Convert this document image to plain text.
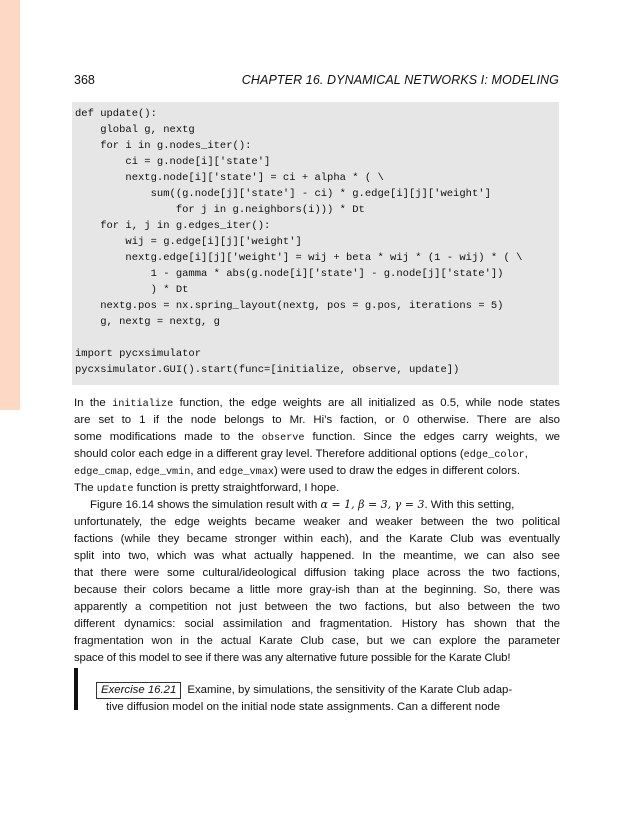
368	CHAPTER 16. DYNAMICAL NETWORKS I: MODELING
def update():
global g, nextg
for i in g.nodes_iter():
ci = g.node[i]['state']
nextg.node[i]['state'] = ci + alpha * ( \
sum((g.node[j]['state'] - ci) * g.edge[i][j]['weight']
for j in g.neighbors(i))) * Dt
for i, j in g.edges_iter():
wij = g.edge[i][j]['weight']
nextg.edge[i][j]['weight'] = wij + beta * wij * (1 - wij) * ( \
1 - gamma * abs(g.node[i]['state'] - g.node[j]['state'])
) * Dt
nextg.pos = nx.spring_layout(nextg, pos = g.pos, iterations = 5)
g, nextg = nextg, g
import pycxsimulator
pycxsimulator.GUI().start(func=[initialize, observe, update])
In the initialize function, the edge weights are all initialized as 0.5, while node states
are set to 1 if the node belongs to Mr. Hi’s faction, or 0 otherwise. There are also
some modifications made to the observe function. Since the edges carry weights, we
should color each edge in a different gray level. Therefore additional options (edge_color,
edge_cmap, edge_vmin, and edge_vmax) were used to draw the edges in different colors.
The update function is pretty straightforward, I hope.
Figure 16.14 shows the simulation result with α = 1, β = 3, γ = 3. With this setting,
unfortunately, the edge weights became weaker and weaker between the two political
factions (while they became stronger within each), and the Karate Club was eventually
split into two, which was what actually happened. In the meantime, we can also see
that there were some cultural/ideological diffusion taking place across the two factions,
because their colors became a little more gray-ish than at the beginning. So, there was
apparently a competition not just between the two factions, but also between the two
different dynamics: social assimilation and fragmentation. History has shown that the
fragmentation won in the actual Karate Club case, but we can explore the parameter
space of this model to see if there was any alternative future possible for the Karate Club!
Exercise 16.21 Examine, by simulations, the sensitivity of the Karate Club adap-
tive diffusion model on the initial node state assignments. Can a different node
